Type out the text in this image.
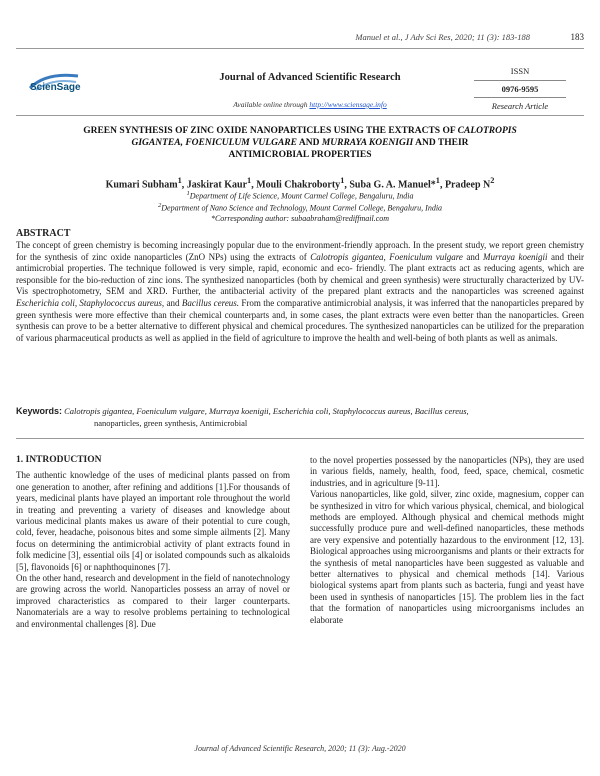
Manuel et al., J Adv Sci Res, 2020; 11 (3): 183-188	183
ScienSage
Journal of Advanced Scientific Research
Available online through http://www.sciensage.info
ISSN
0976-9595
Research Article
GREEN SYNTHESIS OF ZINC OXIDE NANOPARTICLES USING THE EXTRACTS OF CALOTROPIS
GIGANTEA, FOENICULUM VULGARE AND MURRAYA KOENIGII AND THEIR
ANTIMICROBIAL PROPERTIES
Kumari Subham$^1$, Jaskirat Kaur$^1$, Mouli Chakroborty$^1$, Suba G. A. Manuel*$^1$, Pradeep $N^2$
$^1$Department of Life Science, Mount Carmel College, Bengaluru, India
$^2$Department of Nano Science and Technology, Mount Carmel College, Bengaluru, India
*Corresponding author: subaabraham@rediffmail.com
ABSTRACT
The concept of green chemistry is becoming increasingly popular due to the environment-friendly approach. In the present study, we report green chemistry for the synthesis of zinc oxide nanoparticles (ZnO NPs) using the extracts of Calotropis gigantea, Foeniculum vulgare and Murraya koenigii and their antimicrobial properties. The technique followed is very simple, rapid, economic and eco- friendly. The plant extracts act as reducing agents, which are responsible for the bio-reduction of zinc ions. The synthesized nanoparticles (both by chemical and green synthesis) were structurally characterized by UV-Vis spectrophotometry, SEM and XRD. Further, the antibacterial activity of the prepared plant extracts and the nanoparticles was screened against Escherichia coli, Staphylococcus aureus, and Bacillus cereus. From the comparative antimicrobial analysis, it was inferred that the nanoparticles prepared by green synthesis were more effective than their chemical counterparts and, in some cases, the plant extracts were even better than the nanoparticles. Green synthesis can prove to be a better alternative to different physical and chemical procedures. The synthesized nanoparticles can be utilized for the preparation of various pharmaceutical products as well as applied in the field of agriculture to improve the health and well-being of both plants as well as animals.
Keywords: Calotropis gigantea, Foeniculum vulgare, Murraya koenigii, Escherichia coli, Staphylococcus aureus, Bacillus cereus,
nanoparticles, green synthesis, Antimicrobial

1. INTRODUCTION

The authentic knowledge of the uses of medicinal plants passed on from one generation to another, after refining and additions [1].For thousands of years, medicinal plants have played an important role throughout the world in treating and preventing a variety of diseases and knowledge about various medicinal plants makes us aware of their potential to cure cough, cold, fever, headache, poisonous bites and some simple ailments [2]. Many focus on determining the antimicrobial activity of plant extracts found in folk medicine [3], essential oils [4] or isolated compounds such as alkaloids [5], flavonoids [6] or naphthoquinones [7].

On the other hand, research and development in the field of nanotechnology are growing across the world. Nanoparticles possess an array of novel or improved characteristics as compared to their larger counterparts. Nanomaterials are a way to resolve problems pertaining to technological and environmental challenges [8]. Due

to the novel properties possessed by the nanoparticles (NPs), they are used in various fields, namely, health, food, feed, space, chemical, cosmetic industries, and in agriculture [9-11].

Various nanoparticles, like gold, silver, zinc oxide, magnesium, copper can be synthesized in vitro for which various physical, chemical, and biological methods are employed. Although physical and chemical methods might successfully produce pure and well-defined nanoparticles, these methods are very expensive and potentially hazardous to the environment [12, 13]. Biological approaches using microorganisms and plants or their extracts for the synthesis of metal nanoparticles have been suggested as valuable and better alternatives to physical and chemical methods [14]. Various biological systems apart from plants such as bacteria, fungi and yeast have been used in synthesis of nanoparticles [15]. The problem lies in the fact that the formation of nanoparticles using microorganisms includes an elaborate

Journal of Advanced Scientific Research, 2020; 11 (3): Aug.-2020
